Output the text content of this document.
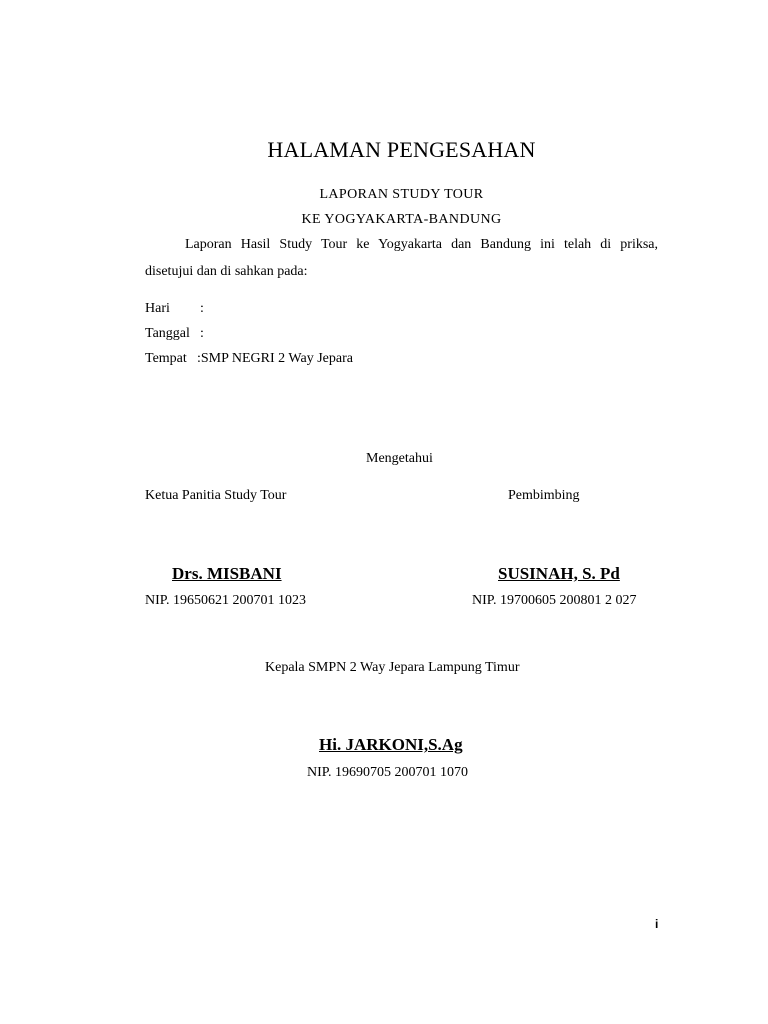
HALAMAN PENGESAHAN
LAPORAN STUDY TOUR
KE YOGYAKARTA-BANDUNG
Laporan Hasil Study Tour ke Yogyakarta dan Bandung ini telah di priksa,
disetujui dan di sahkan pada:
Hari :
Tanggal :
Tempat :SMP NEGRI 2 Way Jepara
Mengetahui
Ketua Panitia Study Tour	Pembimbing
Drs. MISBANI	SUSINAH, S. Pd
NIP. 19650621 200701 1023	NIP. 19700605 200801 2 027
Kepala SMPN 2 Way Jepara Lampung Timur
Hi. JARKONI,S.Ag
NIP. 19690705 200701 1070
i
